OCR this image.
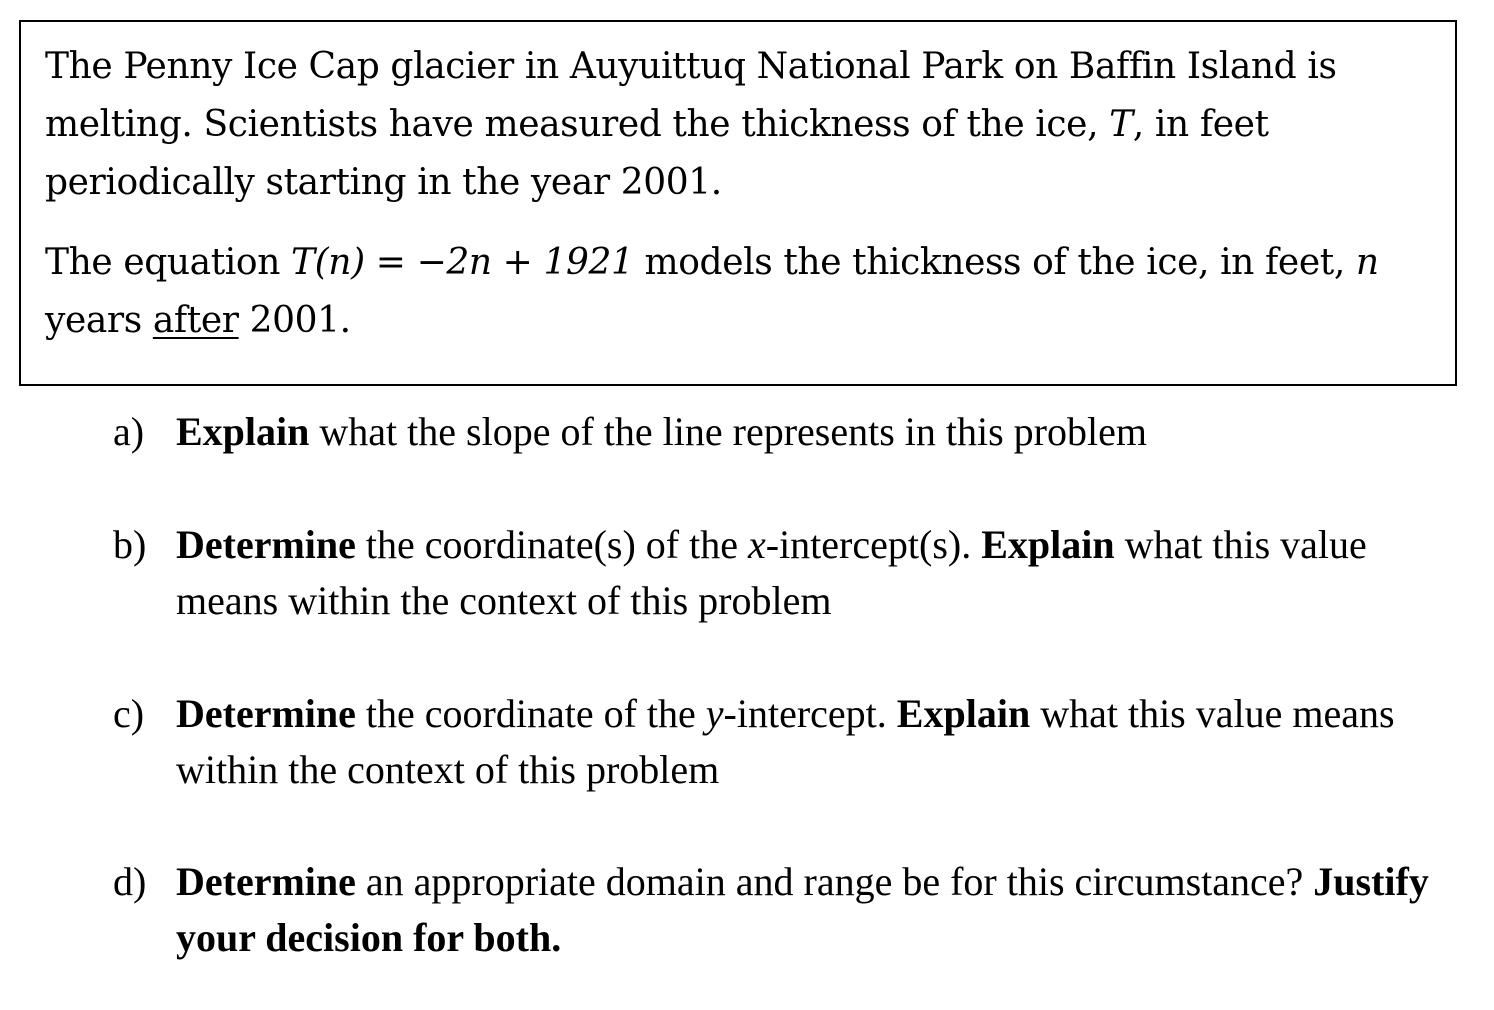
The Penny Ice Cap glacier in Auyuittuq National Park on Baffin Island is melting. Scientists have measured the thickness of the ice, T, in feet periodically starting in the year 2001.

The equation T(n) = −2n + 1921 models the thickness of the ice, in feet, n years after 2001.

a) Explain what the slope of the line represents in this problem
b) Determine the coordinate(s) of the x-intercept(s). Explain what this value means within the context of this problem
c) Determine the coordinate of the y-intercept. Explain what this value means within the context of this problem
d) Determine an appropriate domain and range be for this circumstance? Justify your decision for both.
